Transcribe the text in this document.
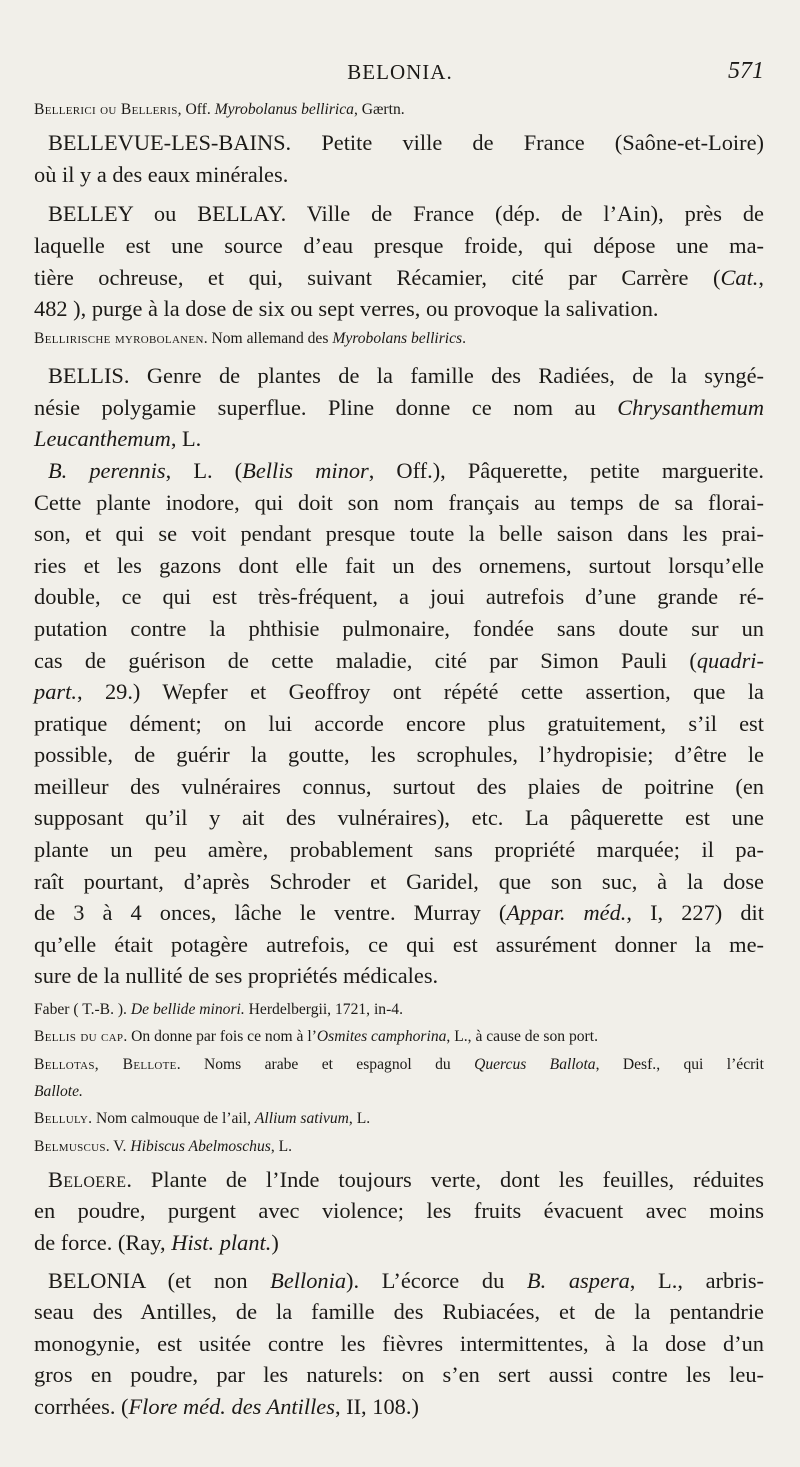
BELONIA.	571

Bellerici ou Belleris, Off. Myrobolanus bellirica, Gærtn.

BELLEVUE-LES-BAINS. Petite ville de France (Saône-et-Loire)
où il y a des eaux minérales.
BELLEY ou BELLAY. Ville de France (dép. de l’Ain), près de
laquelle est une source d’eau presque froide, qui dépose une ma-
tière ochreuse, et qui, suivant Récamier, cité par Carrère (Cat.,
482 ), purge à la dose de six ou sept verres, ou provoque la salivation.

Bellirische myrobolanen. Nom allemand des Myrobolans bellirics.

BELLIS. Genre de plantes de la famille des Radiées, de la syngé-
nésie polygamie superflue. Pline donne ce nom au Chrysanthemum
Leucanthemum, L.
B. perennis, L. (Bellis minor, Off.), Pâquerette, petite marguerite.
Cette plante inodore, qui doit son nom français au temps de sa florai-
son, et qui se voit pendant presque toute la belle saison dans les prai-
ries et les gazons dont elle fait un des ornemens, surtout lorsqu’elle
double, ce qui est très-fréquent, a joui autrefois d’une grande ré-
putation contre la phthisie pulmonaire, fondée sans doute sur un
cas de guérison de cette maladie, cité par Simon Pauli (quadri-
part., 29.) Wepfer et Geoffroy ont répété cette assertion, que la
pratique dément; on lui accorde encore plus gratuitement, s’il est
possible, de guérir la goutte, les scrophules, l’hydropisie; d’être le
meilleur des vulnéraires connus, surtout des plaies de poitrine (en
supposant qu’il y ait des vulnéraires), etc. La pâquerette est une
plante un peu amère, probablement sans propriété marquée; il pa-
raît pourtant, d’après Schroder et Garidel, que son suc, à la dose
de 3 à 4 onces, lâche le ventre. Murray (Appar. méd., I, 227) dit
qu’elle était potagère autrefois, ce qui est assurément donner la me-
sure de la nullité de ses propriétés médicales.

Faber ( T.-B. ). De bellide minori. Herdelbergii, 1721, in-4.

Bellis du cap. On donne par fois ce nom à l’Osmites camphorina, L., à cause de son port.

Bellotas, Bellote. Noms arabe et espagnol du Quercus Ballota, Desf., qui l’écrit
Ballote.

Belluly. Nom calmouque de l’ail, Allium sativum, L.

Belmuscus. V. Hibiscus Abelmoschus, L.

Beloere. Plante de l’Inde toujours verte, dont les feuilles, réduites
en poudre, purgent avec violence; les fruits évacuent avec moins
de force. (Ray, Hist. plant.)
BELONIA (et non Bellonia). L’écorce du B. aspera, L., arbris-
seau des Antilles, de la famille des Rubiacées, et de la pentandrie
monogynie, est usitée contre les fièvres intermittentes, à la dose d’un
gros en poudre, par les naturels: on s’en sert aussi contre les leu-
corrhées. (Flore méd. des Antilles, II, 108.)
